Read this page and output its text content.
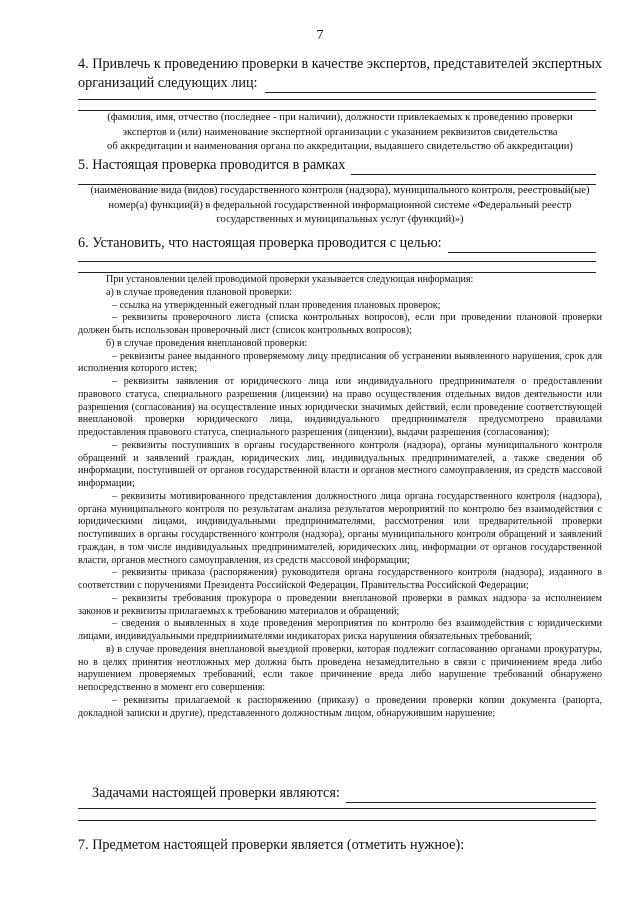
7
4. Привлечь к проведению проверки в качестве экспертов, представителей экспертных
организаций следующих лиц:
(фамилия, имя, отчество (последнее - при наличии), должности привлекаемых к проведению проверки
экспертов и (или) наименование экспертной организации с указанием реквизитов свидетельства
об аккредитации и наименования органа по аккредитации, выдавшего свидетельство об аккредитации)
5. Настоящая проверка проводится в рамках
(наименование вида (видов) государственного контроля (надзора), муниципального контроля, реестровый(ые)
номер(а) функции(й) в федеральной государственной информационной системе «Федеральный реестр
государственных и муниципальных услуг (функций)»)
6. Установить, что настоящая проверка проводится с целью:

При установлении целей проводимой проверки указывается следующая информация:

а) в случае проведения плановой проверки:

– ссылка на утвержденный ежегодный план проведения плановых проверок;

– реквизиты проверочного листа (списка контрольных вопросов), если при проведении плановой проверки должен быть использован проверочный лист (список контрольных вопросов);

б) в случае проведения внеплановой проверки:

– реквизиты ранее выданного проверяемому лицу предписания об устранении выявленного нарушения, срок для исполнения которого истек;

– реквизиты заявления от юридического лица или индивидуального предпринимателя о предоставлении правового статуса, специального разрешения (лицензии) на право осуществления отдельных видов деятельности или разрешения (согласования) на осуществление иных юридически значимых действий, если проведение соответствующей внеплановой проверки юридического лица, индивидуального предпринимателя предусмотрено правилами предоставления правового статуса, специального разрешения (лицензии), выдачи разрешения (согласования);

– реквизиты поступивших в органы государственного контроля (надзора), органы муниципального контроля обращений и заявлений граждан, юридических лиц, индивидуальных предпринимателей, а также сведения об информации, поступившей от органов государственной власти и органов местного самоуправления, из средств массовой информации;

– реквизиты мотивированного представления должностного лица органа государственного контроля (надзора), органа муниципального контроля по результатам анализа результатов мероприятий по контролю без взаимодействия с юридическими лицами, индивидуальными предпринимателями, рассмотрения или предварительной проверки поступивших в органы государственного контроля (надзора), органы муниципального контроля обращений и заявлений граждан, в том числе индивидуальных предпринимателей, юридических лиц, информации от органов государственной власти, органов местного самоуправления, из средств массовой информации;

– реквизиты приказа (распоряжения) руководителя органа государственного контроля (надзора), изданного в соответствии с поручениями Президента Российской Федерации, Правительства Российской Федерации;

– реквизиты требования прокурора о проведении внеплановой проверки в рамках надзора за исполнением законов и реквизиты прилагаемых к требованию материалов и обращений;

– сведения о выявленных в ходе проведения мероприятия по контролю без взаимодействия с юридическими лицами, индивидуальными предпринимателями индикаторах риска нарушения обязательных требований;

в) в случае проведения внеплановой выездной проверки, которая подлежит согласованию органами прокуратуры, но в целях принятия неотложных мер должна быть проведена незамедлительно в связи с причинением вреда либо нарушением проверяемых требований, если такое причинение вреда либо нарушение требований обнаружено непосредственно в момент его совершения:

– реквизиты прилагаемой к распоряжению (приказу) о проведении проверки копии документа (рапорта, докладной записки и другие), представленного должностным лицом, обнаружившим нарушение;

Задачами настоящей проверки являются:
7. Предметом настоящей проверки является (отметить нужное):
